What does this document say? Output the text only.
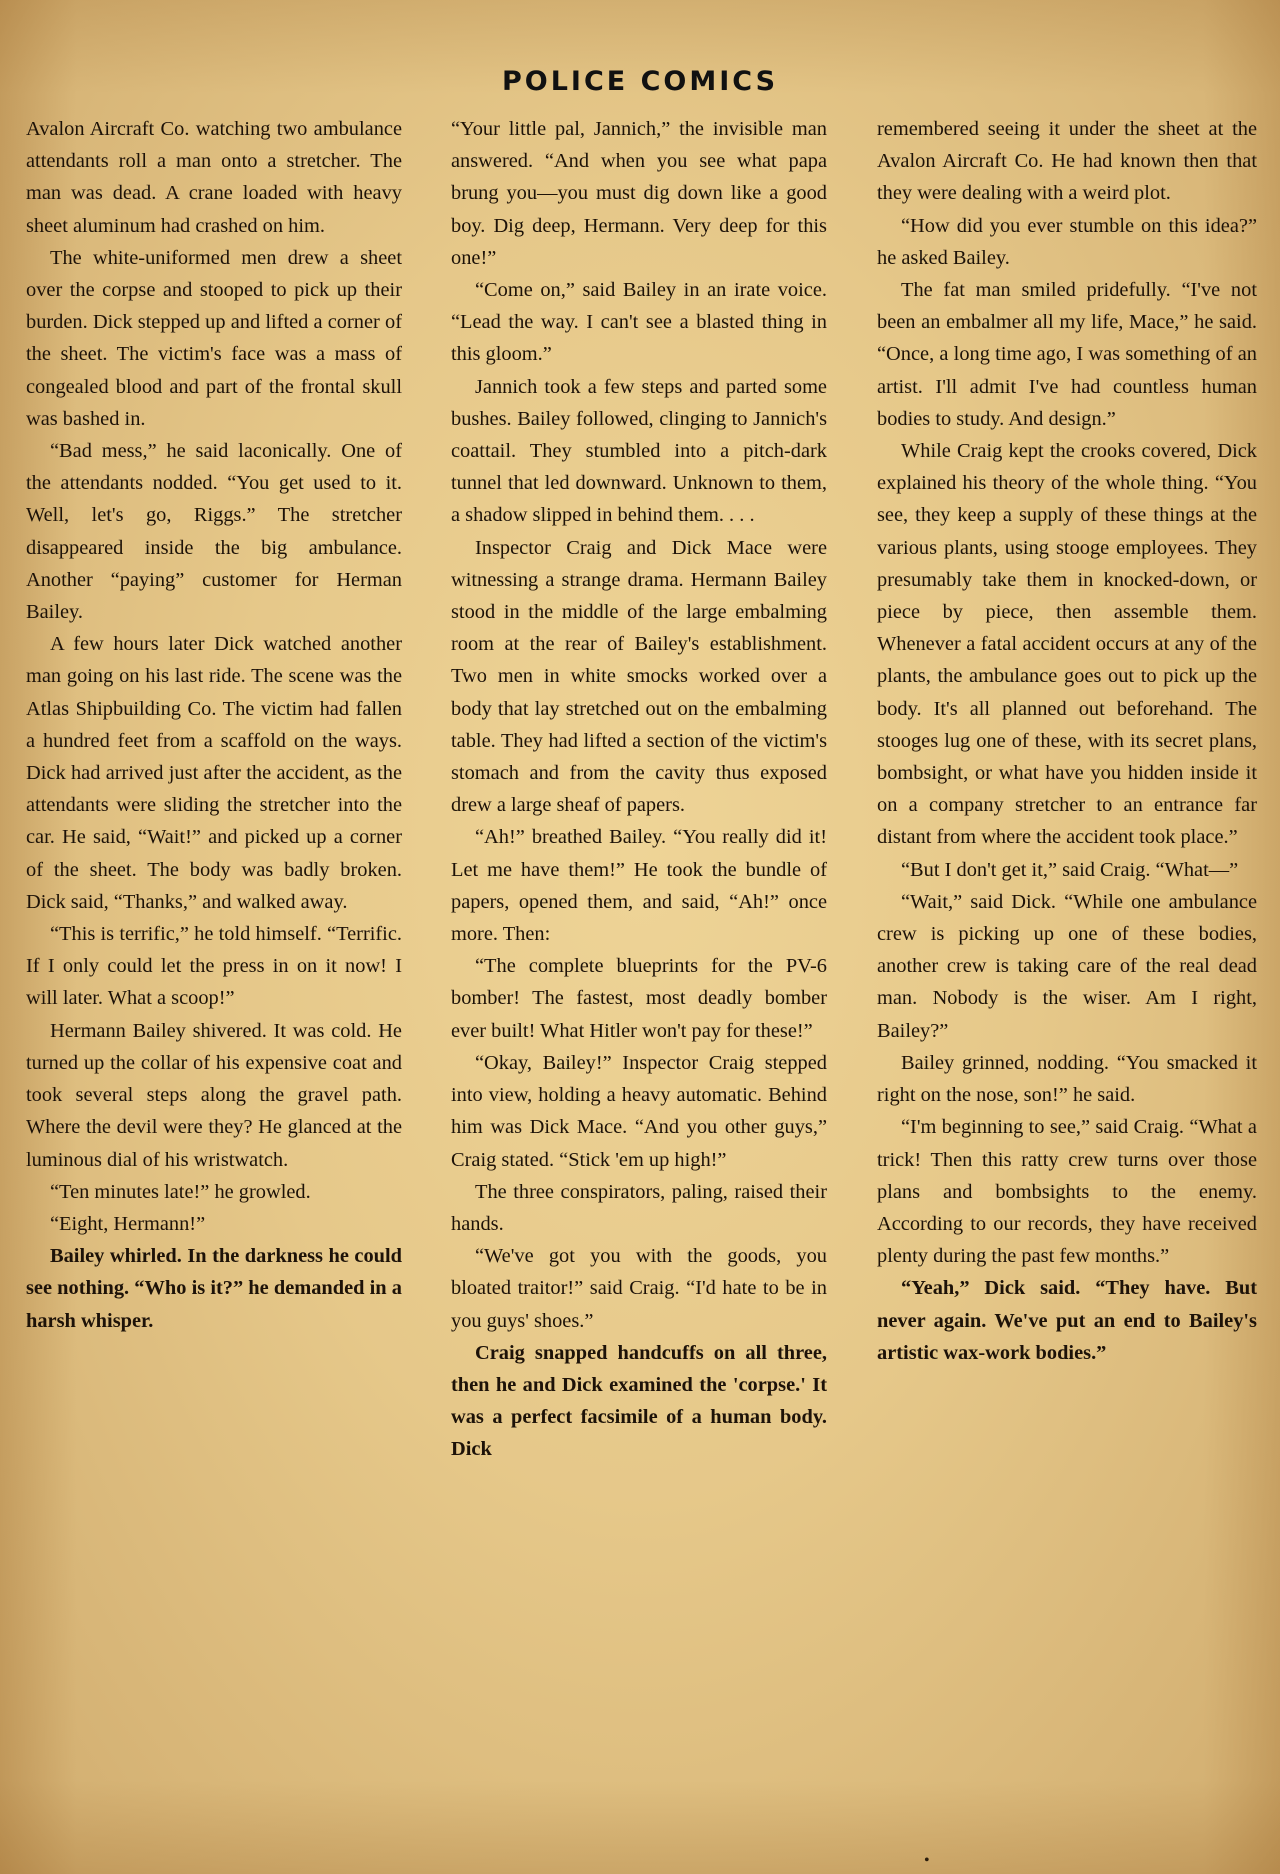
POLICE COMICS

Avalon Aircraft Co. watching two ambulance attendants roll a man onto a stretcher. The man was dead. A crane loaded with heavy sheet aluminum had crashed on him.

The white-uniformed men drew a sheet over the corpse and stooped to pick up their burden. Dick stepped up and lifted a corner of the sheet. The victim's face was a mass of congealed blood and part of the frontal skull was bashed in.

“Bad mess,” he said laconically. One of the attendants nodded. “You get used to it. Well, let's go, Riggs.” The stretcher disappeared inside the big ambulance. Another “paying” customer for Herman Bailey.

A few hours later Dick watched another man going on his last ride. The scene was the Atlas Shipbuilding Co. The victim had fallen a hundred feet from a scaffold on the ways. Dick had arrived just after the accident, as the attendants were sliding the stretcher into the car. He said, “Wait!” and picked up a corner of the sheet. The body was badly broken. Dick said, “Thanks,” and walked away.

“This is terrific,” he told himself. “Terrific. If I only could let the press in on it now! I will later. What a scoop!”

Hermann Bailey shivered. It was cold. He turned up the collar of his expensive coat and took several steps along the gravel path. Where the devil were they? He glanced at the luminous dial of his wristwatch.

“Ten minutes late!” he growled.

“Eight, Hermann!”

Bailey whirled. In the darkness he could see nothing. “Who is it?” he demanded in a harsh whisper.

“Your little pal, Jannich,” the invisible man answered. “And when you see what papa brung you—you must dig down like a good boy. Dig deep, Hermann. Very deep for this one!”

“Come on,” said Bailey in an irate voice. “Lead the way. I can't see a blasted thing in this gloom.”

Jannich took a few steps and parted some bushes. Bailey followed, clinging to Jannich's coattail. They stumbled into a pitch-dark tunnel that led downward. Unknown to them, a shadow slipped in behind them. . . .

Inspector Craig and Dick Mace were witnessing a strange drama. Hermann Bailey stood in the middle of the large embalming room at the rear of Bailey's establishment. Two men in white smocks worked over a body that lay stretched out on the embalming table. They had lifted a section of the victim's stomach and from the cavity thus exposed drew a large sheaf of papers.

“Ah!” breathed Bailey. “You really did it! Let me have them!” He took the bundle of papers, opened them, and said, “Ah!” once more. Then:

“The complete blueprints for the PV-6 bomber! The fastest, most deadly bomber ever built! What Hitler won't pay for these!”

“Okay, Bailey!” Inspector Craig stepped into view, holding a heavy automatic. Behind him was Dick Mace. “And you other guys,” Craig stated. “Stick 'em up high!”

The three conspirators, paling, raised their hands.

“We've got you with the goods, you bloated traitor!” said Craig. “I'd hate to be in you guys' shoes.”

Craig snapped handcuffs on all three, then he and Dick examined the 'corpse.' It was a perfect facsimile of a human body. Dick

remembered seeing it under the sheet at the Avalon Aircraft Co. He had known then that they were dealing with a weird plot.

“How did you ever stumble on this idea?” he asked Bailey.

The fat man smiled pridefully. “I've not been an embalmer all my life, Mace,” he said. “Once, a long time ago, I was something of an artist. I'll admit I've had countless human bodies to study. And design.”

While Craig kept the crooks covered, Dick explained his theory of the whole thing. “You see, they keep a supply of these things at the various plants, using stooge employees. They presumably take them in knocked-down, or piece by piece, then assemble them. Whenever a fatal accident occurs at any of the plants, the ambulance goes out to pick up the body. It's all planned out beforehand. The stooges lug one of these, with its secret plans, bombsight, or what have you hidden inside it on a company stretcher to an entrance far distant from where the accident took place.”

“But I don't get it,” said Craig. “What—”

“Wait,” said Dick. “While one ambulance crew is picking up one of these bodies, another crew is taking care of the real dead man. Nobody is the wiser. Am I right, Bailey?”

Bailey grinned, nodding. “You smacked it right on the nose, son!” he said.

“I'm beginning to see,” said Craig. “What a trick! Then this ratty crew turns over those plans and bombsights to the enemy. According to our records, they have received plenty during the past few months.”

“Yeah,” Dick said. “They have. But never again. We've put an end to Bailey's artistic wax-work bodies.”

•
